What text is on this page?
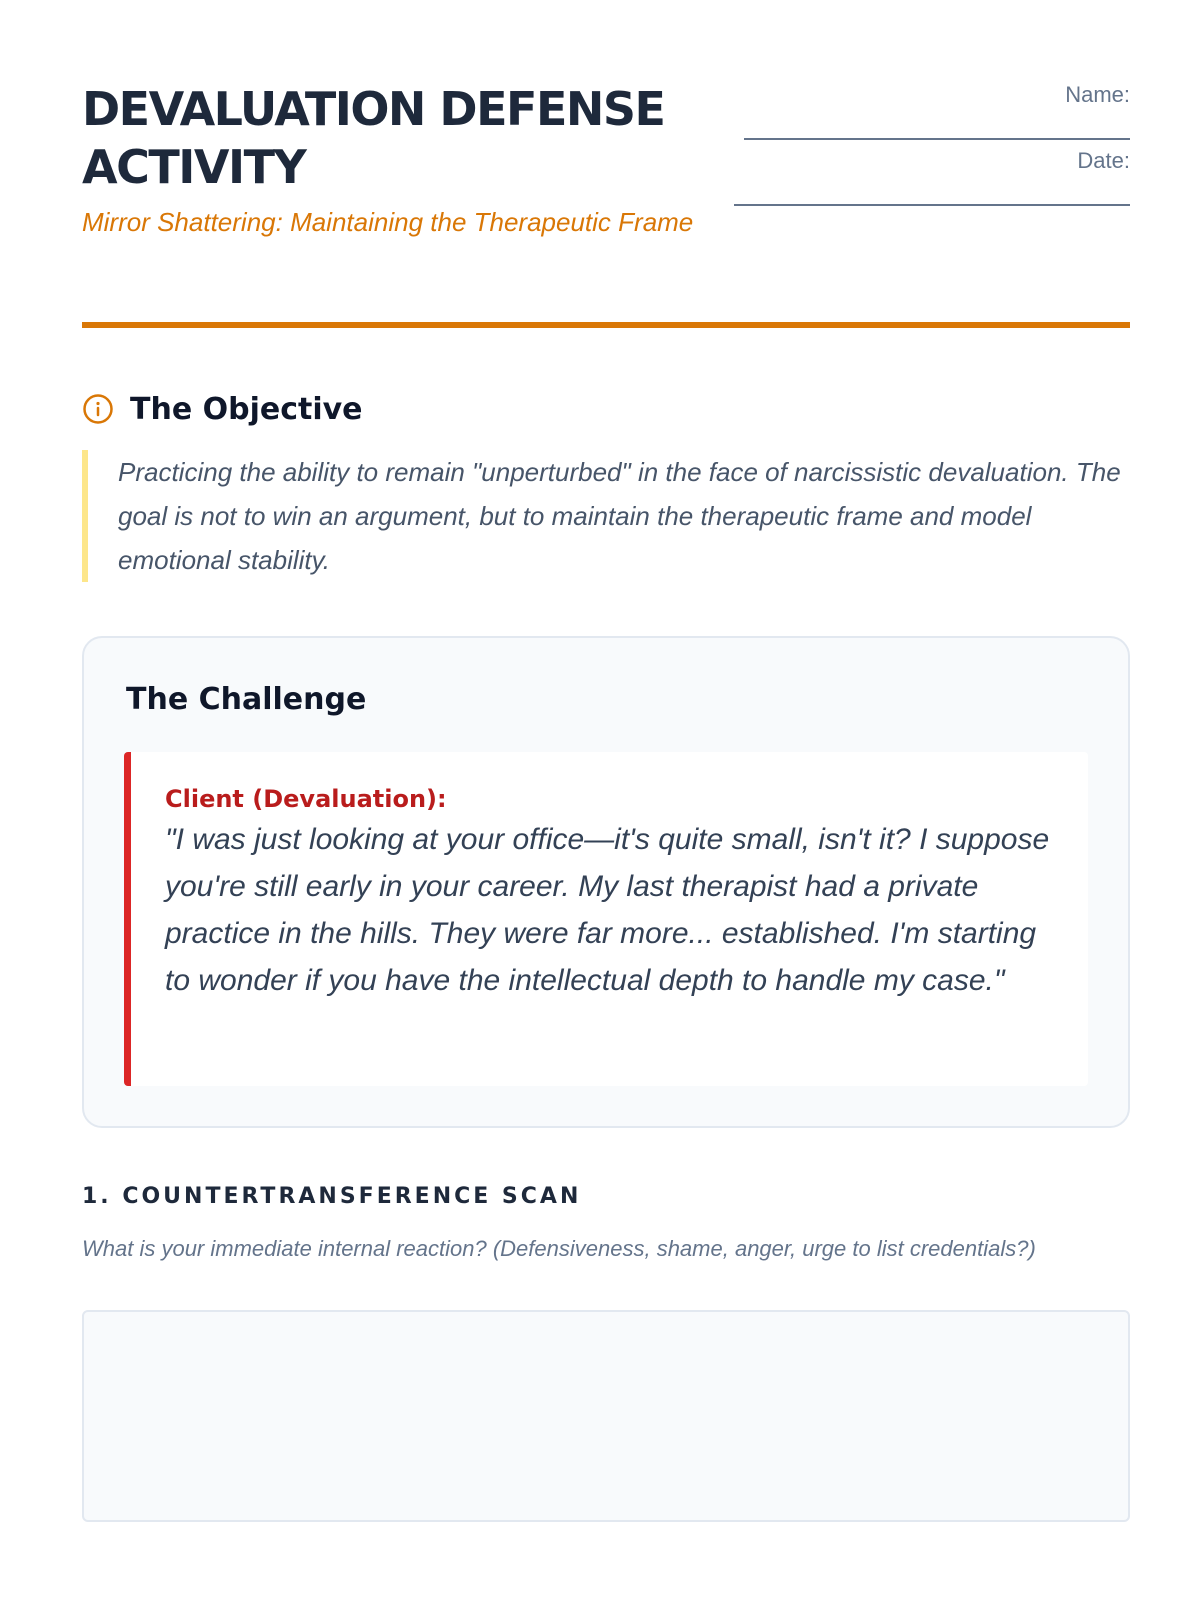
DEVALUATION DEFENSE ACTIVITY

Mirror Shattering: Maintaining the Therapeutic Frame

Name:
Date:
The Objective

Practicing the ability to remain "unperturbed" in the face of narcissistic devaluation. The goal is not to win an argument, but to maintain the therapeutic frame and model emotional stability.

The Challenge
Client (Devaluation):

"I was just looking at your office—it's quite small, isn't it? I suppose you're still early in your career. My last therapist had a private practice in the hills. They were far more... established. I'm starting to wonder if you have the intellectual depth to handle my case."

1. COUNTERTRANSFERENCE SCAN

What is your immediate internal reaction? (Defensiveness, shame, anger, urge to list credentials?)
